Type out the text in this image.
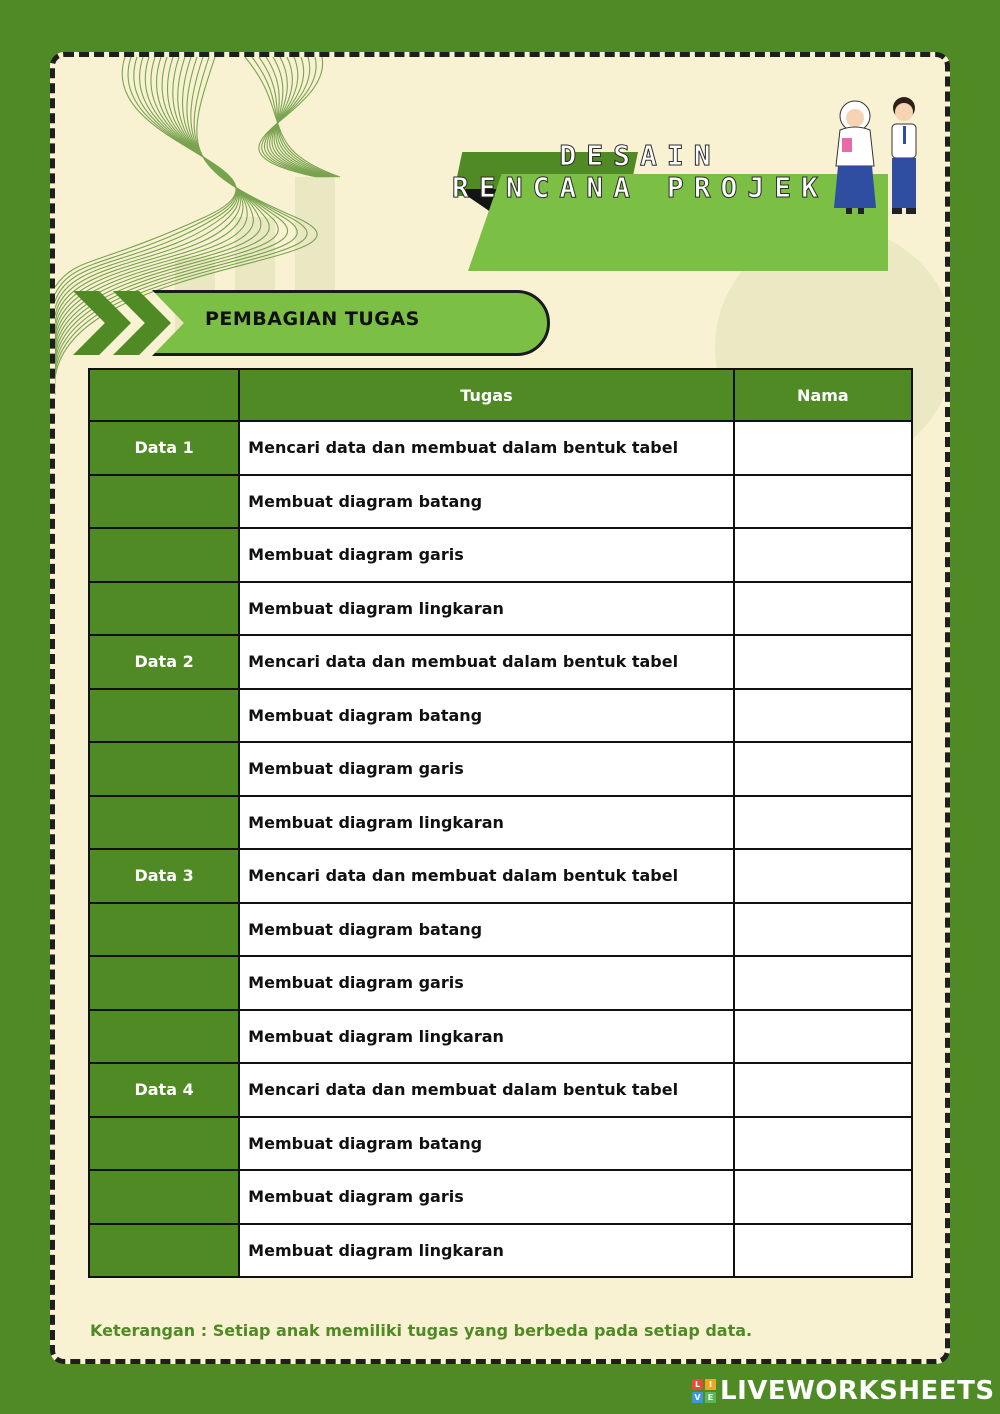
DESAIN
RENCANA PROJEK
PEMBAGIAN TUGAS
	Tugas	Nama
Data 1	Mencari data dan membuat dalam bentuk tabel	
	Membuat diagram batang	
	Membuat diagram garis	
	Membuat diagram lingkaran	
Data 2	Mencari data dan membuat dalam bentuk tabel	
	Membuat diagram batang	
	Membuat diagram garis	
	Membuat diagram lingkaran	
Data 3	Mencari data dan membuat dalam bentuk tabel	
	Membuat diagram batang	
	Membuat diagram garis	
	Membuat diagram lingkaran	
Data 4	Mencari data dan membuat dalam bentuk tabel	
	Membuat diagram batang	
	Membuat diagram garis	
	Membuat diagram lingkaran	
Keterangan : Setiap anak memiliki tugas yang berbeda pada setiap data.
L	I
V E LIVEWORKSHEETS
